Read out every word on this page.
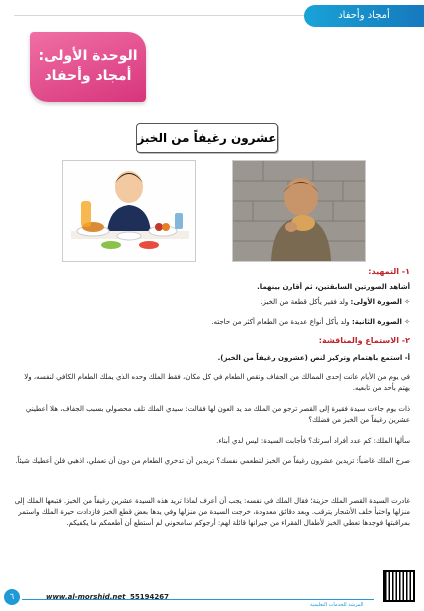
أمجاد وأحفاد
الوحدة الأولى:
أمجاد وأحفاد
عشرون رغيفاً من الخبز
١- التمهيد:
أشاهد الصورتين السابقتين، ثم أقارن بينهما.
✧ الصورة الأولى: ولد فقير يأكل قطعة من الخبز.
✧ الصورة الثانية: ولد يأكل أنواع عديدة من الطعام أكثر من حاجته.
٢- الاستماع والمناقشة:
أ- استمع باهتمام وتركيز لنص (عشرون رغيفاً من الخبز).
في يوم من الأيام عانت إحدى الممالك من الجفاف ونقص الطعام في كل مكان، فقط الملك وحده الذي يملك الطعام الكافي لنفسه، ولا يهتم بأحد من تابعيه.
ذات يوم جاءت سيدة فقيرة إلى القصر ترجو من الملك مد يد العون لها فقالت: سيدي الملك تلف محصولي بسبب الجفاف، هلا أعطيني عشرين رغيفاً من الخبز من فضلك؟
سألها الملك: كم عدد أفراد أسرتك؟ فأجابت السيدة: ليس لدي أبناء.
صرخ الملك غاضباً: تريدين عشرون رغيفاً من الخبز لتطعمي نفسك؟ تريدين أن تدخري الطعام من دون أن تعملي، اذهبي فلن أعطيك شيئاً.
غادرت السيدة القصر الملك حزينة؛ فقال الملك في نفسه: يجب أن أعرف لماذا تريد هذه السيدة عشرين رغيفاً من الخبز. فتبعها الملك إلى منزلها واختبأ خلف الأشجار يترقب. وبعد دقائق معدودة، خرجت السيدة من منزلها وفي يدها بعض قطع الخبز فازدادت حيرة الملك واستمر بمراقبتها فوجدها تعطي الخبز لأطفال الفقراء من جيرانها قائلة لهم: أرجوكم سامحوني لم أستطع أن أطعمكم ما يكفيكم.
٦	www.al-morshid.net 55194267
المرشد للخدمات التعليمية
